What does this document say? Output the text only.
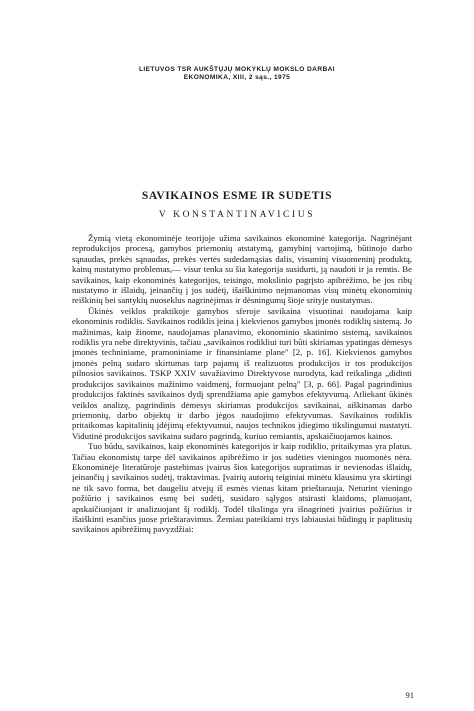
LIETUVOS TSR AUKŠTŲJŲ MOKYKLŲ MOKSLO DARBAI
EKONOMIKA, XIII, 2 sąs., 1975
SAVIKAINOS ESME IR SUDETIS
V KONSTANTINAVICIUS

Žymią vietą ekonominėje teorijoje užima savikainos ekonominė kategorija. Nagrinėjant reprodukcijos procesą, gamybos priemonių atstatymą, gamybinį vartojimą, būtinojo darbo sąnaudas, prekės sąnaudas, prekės vertės sudedamąsias dalis, visuminį visuomeninį produktą, kainų nustatymo problemas,— visur tenka su šia kategorija susidurti, ją naudoti ir ja remtis. Be savikainos, kaip ekonominės kategorijos, teisingo, mokslinio pagrįsto apibrėžimo, be jos ribų nustatymo ir išlaidų, įeinančių į jos sudėtį, išaiškinimo neįmanomas visų minėtų ekonominių reiškinių bei santykių nuoseklus nagrinėjimas ir dėsningumų šioje srityje nustatymas.

Ūkinės veiklos praktikoje gamybos sferoje savikaina visuotinai naudojama kaip ekonominis rodiklis. Savikainos rodiklis įeina į kiekvienos gamybos įmonės rodiklių sistemą. Jo mažinimas, kaip žinome, naudojamas planavimo, ekonominio skatinimo sistemą, savikainos rodiklis yra nebe direktyvinis, tačiau „savikainos rodikliui turi būti skiriamas ypatingas dėmesys įmonės techniniame, pramoniniame ir finansiniame plane" [2, p. 16]. Kiekvienos gamybos įmonės pelną sudaro skirtumas tarp pajamų iš realizuotos produkcijos ir tos produkcijos pilnosios savikainos. TSKP XXIV suvažiavimo Direktyvose nurodyta, kad reikalinga „didinti produkcijos savikainos mažinimo vaidmenį, formuojant pelną" [3, p. 66]. Pagal pagrindinius produkcijos faktinės savikainos dydį sprendžiama apie gamybos efektyvumą. Atliekant ūkinės veiklos analizę, pagrindinis dėmesys skiriamas produkcijos savikainai, aiškinamas darbo priemonių, darbo objektų ir darbo jėgos naudojimo efektyvumas. Savikainos rodiklis pritaikomas kapitalinių įdėjimų efektyvumui, naujos technikos įdiegimo tikslingumui nustatyti. Vidutinė produkcijos savikaina sudaro pagrindą, kuriuo remiantis, apskaičiuojamos kainos.

Tuo būdu, savikainos, kaip ekonominės kategorijos ir kaip rodiklio, pritaikymas yra platus. Tačiau ekonomistų tarpe dėl savikainos apibrėžimo ir jos sudėties vieningos nuomonės nėra. Ekonominėje literatūroje pastebimas įvairus šios kategorijos supratimas ir nevienodas išlaidų, įeinančių į savikainos sudėtį, traktavimas. Įvairių autorių teiginiai minėtu klausimu yra skirtingi ne tik savo forma, bet daugeliu atvejų iš esmės vienas kitam prieštarauja. Neturint vieningo požiūrio į savikainos esmę bei sudėtį, susidaro sąlygos atsirasti klaidoms, planuojant, apskaičiuojant ir analizuojant šį rodiklį. Todėl tikslinga yra išnagrinėti įvairius požiūrius ir išaiškinti esančius juose prieštaravimus. Žemiau pateikiami trys labiausiai būdingų ir paplitusių savikainos apibrėžimų pavyzdžiai:

91
